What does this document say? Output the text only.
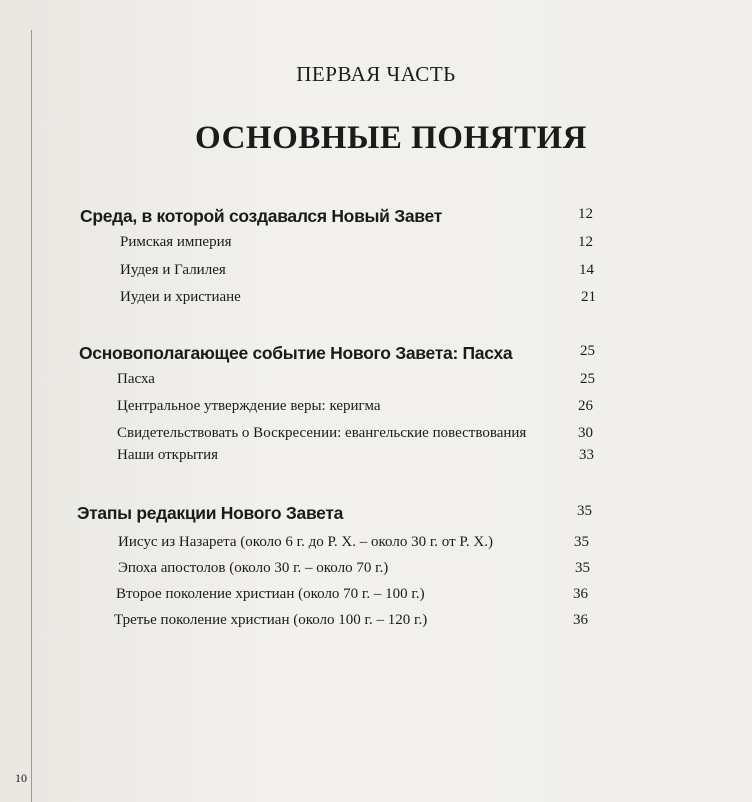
ПЕРВАЯ ЧАСТЬ
ОСНОВНЫЕ ПОНЯТИЯ
Среда, в которой создавался Новый Завет	12
Римская империя	12
Иудея и Галилея	14
Иудеи и христиане	21
Основополагающее событие Нового Завета: Пасха	25
Пасха	25
Центральное утверждение веры: керигма	26
Свидетельствовать о Воскресении: евангельские повествования	30
Наши открытия	33
Этапы редакции Нового Завета	35
Иисус из Назарета (около 6 г. до Р. Х. – около 30 г. от Р. Х.)	35
Эпоха апостолов (около 30 г. – около 70 г.)	35
Второе поколение христиан (около 70 г. – 100 г.)	36
Третье поколение христиан (около 100 г. – 120 г.)	36
10
